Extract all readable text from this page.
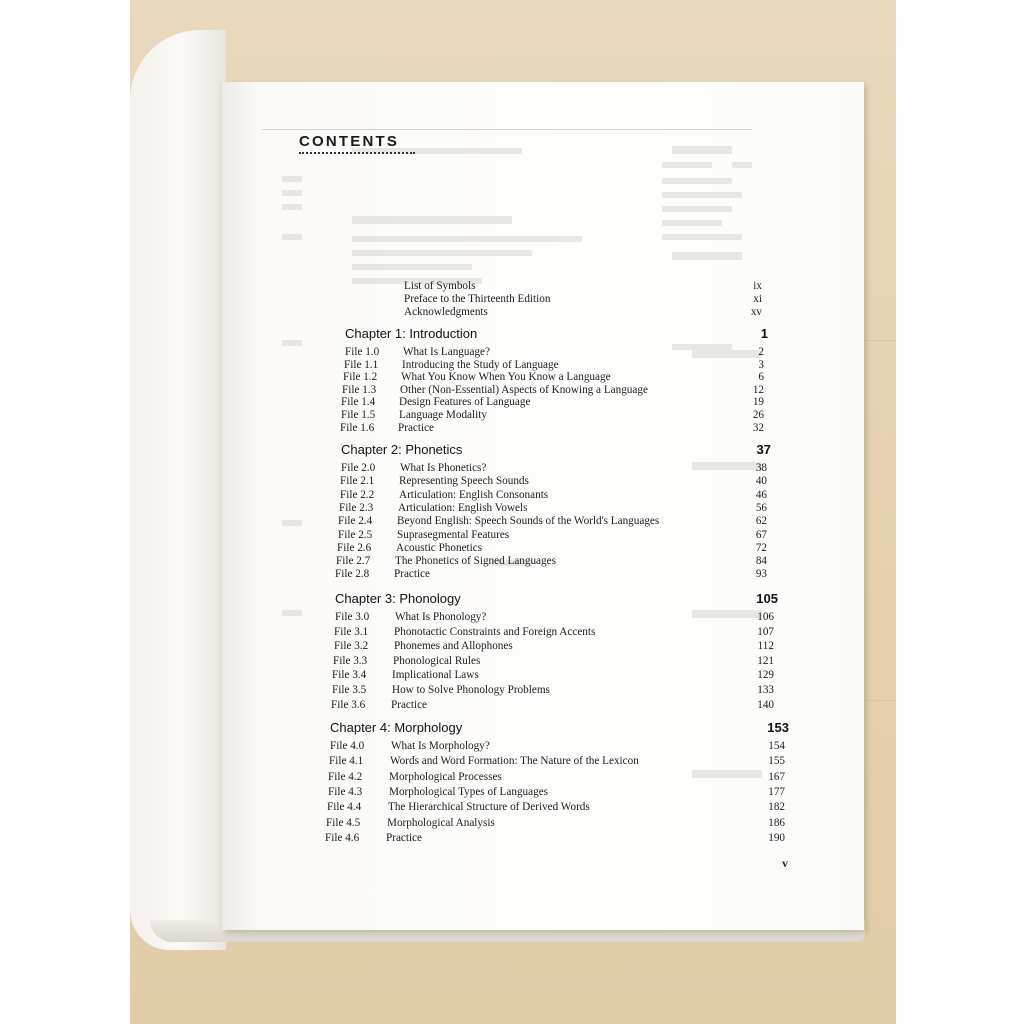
CONTENTS
List of Symbols	ix
Preface to the Thirteenth Edition	xi
Acknowledgments	xv
Chapter 1: Introduction	1
File 1.0 What Is Language?	2
File 1.1 Introducing the Study of Language	3
File 1.2 What You Know When You Know a Language	6
File 1.3 Other (Non-Essential) Aspects of Knowing a Language	12
File 1.4 Design Features of Language	19
File 1.5 Language Modality	26
File 1.6 Practice	32
Chapter 2: Phonetics	37
File 2.0 What Is Phonetics?	38
File 2.1 Representing Speech Sounds	40
File 2.2 Articulation: English Consonants	46
File 2.3 Articulation: English Vowels	56
File 2.4 Beyond English: Speech Sounds of the World's Languages	62
File 2.5 Suprasegmental Features	67
File 2.6 Acoustic Phonetics	72
File 2.7 The Phonetics of Signed Languages	84
File 2.8 Practice	93
Chapter 3: Phonology	105
File 3.0 What Is Phonology?	106
File 3.1 Phonotactic Constraints and Foreign Accents	107
File 3.2 Phonemes and Allophones	112
File 3.3 Phonological Rules	121
File 3.4 Implicational Laws	129
File 3.5 How to Solve Phonology Problems	133
File 3.6 Practice	140
Chapter 4: Morphology	153
File 4.0 What Is Morphology?	154
File 4.1 Words and Word Formation: The Nature of the Lexicon	155
File 4.2 Morphological Processes	167
File 4.3 Morphological Types of Languages	177
File 4.4 The Hierarchical Structure of Derived Words	182
File 4.5 Morphological Analysis	186
File 4.6 Practice	190
v
